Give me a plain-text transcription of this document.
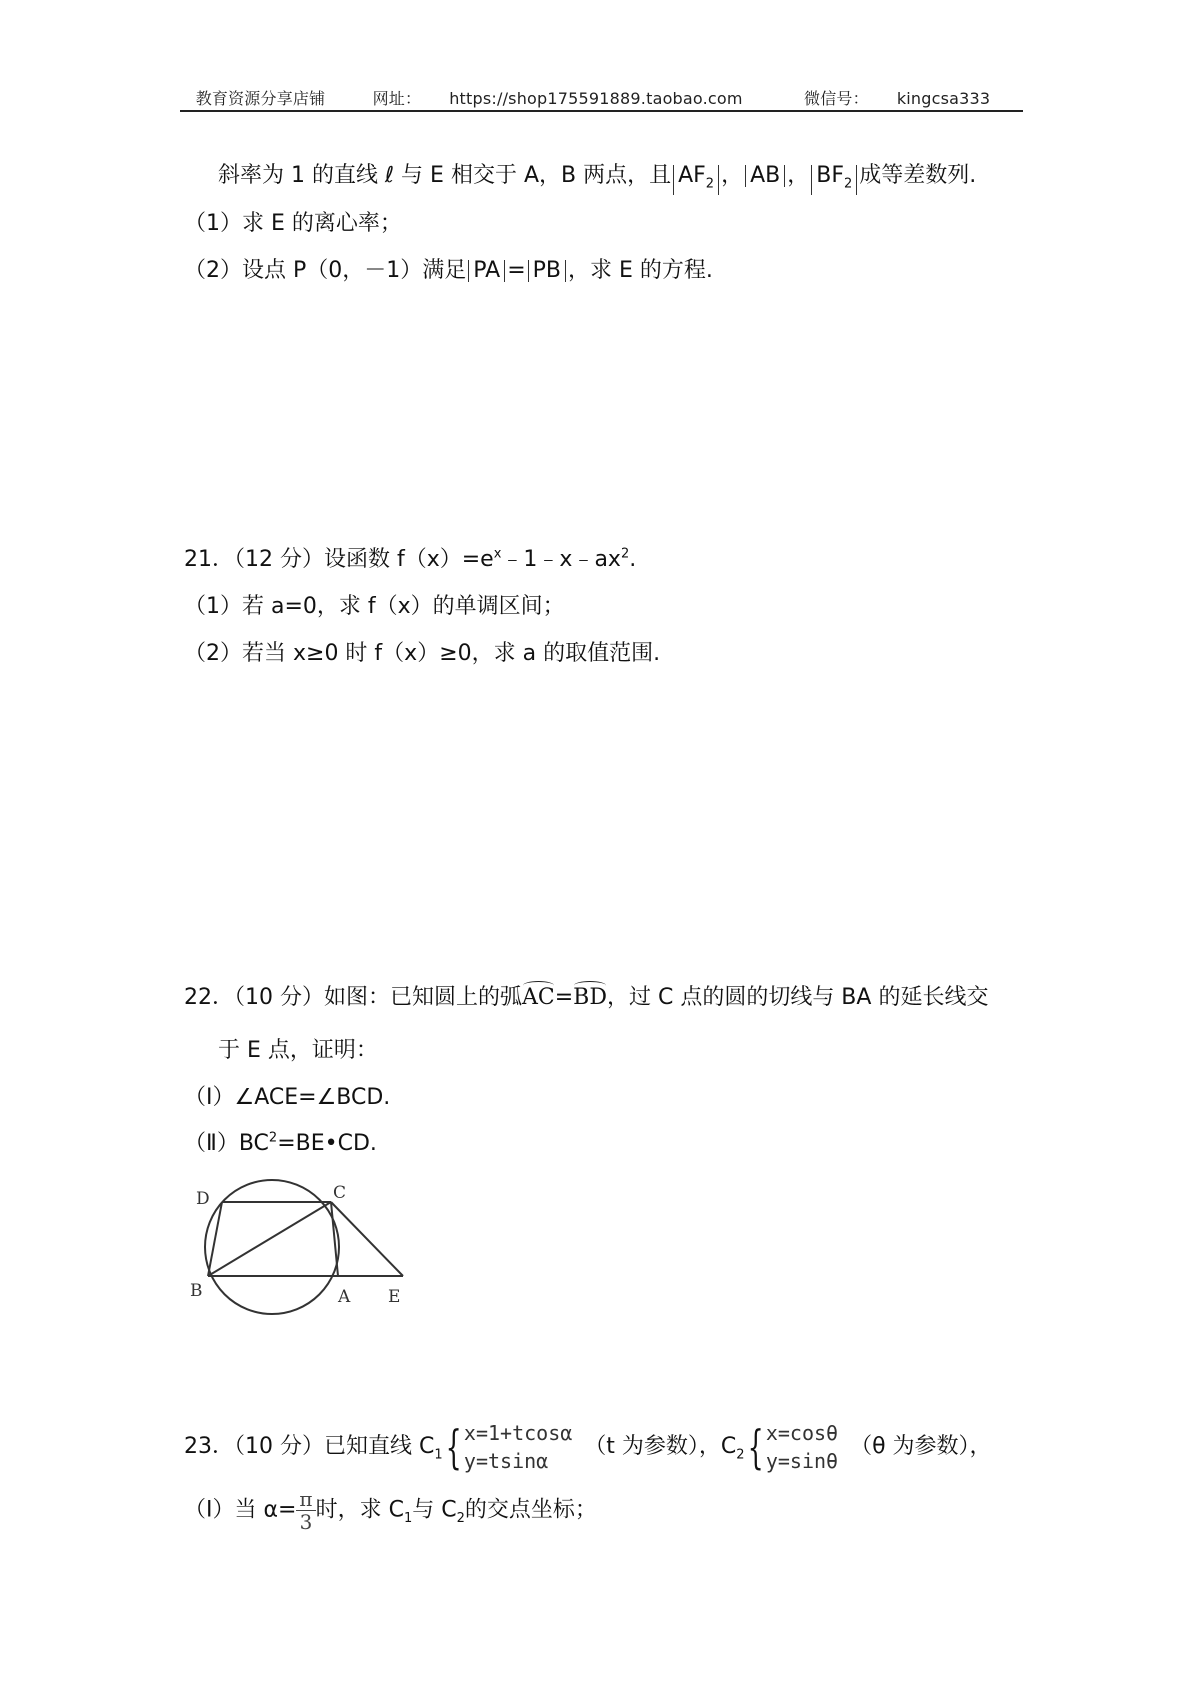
教育资源分享店铺	网址： https://shop175591889.taobao.com	微信号： kingcsa333
斜率为 1 的直线 ℓ 与 E 相交于 A，B 两点，且 $AF_2$ ， AB ， $BF_2$ 成等差数列.
（1）求 E 的离心率；
（2）设点 P（0，－1）满足 PA = PB ，求 E 的方程.
21．（12 分）设函数 $f(x)=e^x﹣1﹣x﹣ax^2$.
（1）若 a=0，求 f（x）的单调区间；
（2）若当 x≥0 时 f（x）≥0，求 a 的取值范围.
22．（10 分）如图：已知圆上的弧AC=BD，过 C 点的圆的切线与 BA 的延长线交
于 E 点，证明：
（Ⅰ）∠ACE=∠BCD.
$(Ⅱ)BC^2=BE•CD$.
D	C
B	A E
23．（10 分）已知直线 $C_1${ x=1+tcosα
y=tsinα
（t 为参数），$C_2${ x=cosθ
y=sinθ
（θ 为参数），
（Ⅰ）当 $\alpha= \frac{\pi}{3}$ 时，求 $C_1$与 $C_2$的交点坐标；
